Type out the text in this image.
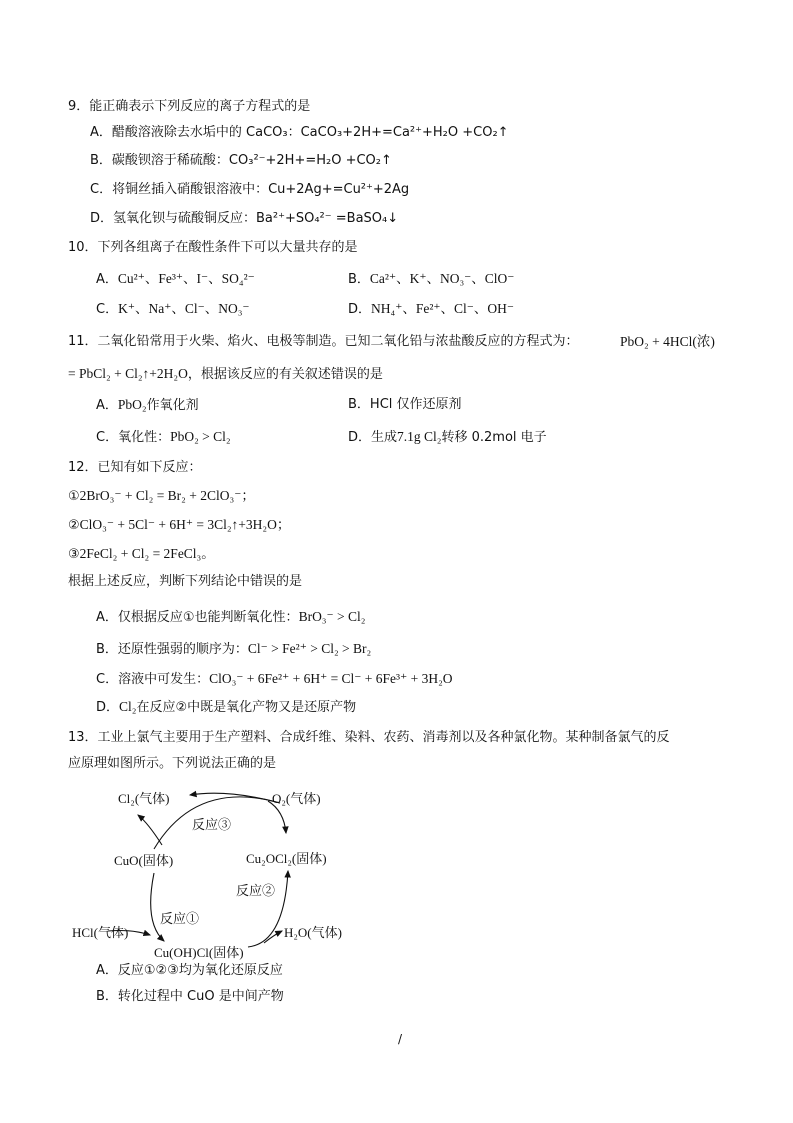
9．能正确表示下列反应的离子方程式的是
A．醋酸溶液除去水垢中的 CaCO₃：CaCO₃+2H+=Ca²⁺+H₂O +CO₂↑
B．碳酸钡溶于稀硫酸：CO₃²⁻+2H+=H₂O +CO₂↑
C．将铜丝插入硝酸银溶液中：Cu+2Ag+=Cu²⁺+2Ag
D．氢氧化钡与硫酸铜反应：Ba²⁺+SO₄²⁻ =BaSO₄↓
10．下列各组离子在酸性条件下可以大量共存的是
A．Cu²⁺、Fe³⁺、I⁻、SO₄²⁻	B．Ca²⁺、K⁺、NO₃⁻、ClO⁻
C．K⁺、Na⁺、Cl⁻、NO₃⁻	D．NH₄⁺、Fe²⁺、Cl⁻、OH⁻
11．二氧化铅常用于火柴、焰火、电极等制造。已知二氧化铅与浓盐酸反应的方程式为：	PbO₂ + 4HCl(浓)
= PbCl₂ + Cl₂↑+2H₂O，根据该反应的有关叙述错误的是
A．PbO₂作氧化剂	B．HCl 仅作还原剂
C．氧化性：PbO₂ > Cl₂	D．生成7.1g Cl₂转移 0.2mol 电子
12．已知有如下反应：
①2BrO₃⁻ + Cl₂ = Br₂ + 2ClO₃⁻；
②ClO₃⁻ + 5Cl⁻ + 6H⁺ = 3Cl₂↑+3H₂O；
③2FeCl₂ + Cl₂ = 2FeCl₃。
根据上述反应，判断下列结论中错误的是
A．仅根据反应①也能判断氧化性：BrO₃⁻ > Cl₂
B．还原性强弱的顺序为：Cl⁻ > Fe²⁺ > Cl₂ > Br₂
C．溶液中可发生：ClO₃⁻ + 6Fe²⁺ + 6H⁺ = Cl⁻ + 6Fe³⁺ + 3H₂O
D．Cl₂在反应②中既是氧化产物又是还原产物
13．工业上氯气主要用于生产塑料、合成纤维、染料、农药、消毒剂以及各种氯化物。某种制备氯气的反
应原理如图所示。下列说法正确的是
Cl₂(气体)	O₂(气体)
反应③
CuO(固体)	Cu₂OCl₂(固体)
反应②
反应①
HCl(气体)	H₂O(气体)
Cu(OH)Cl(固体)
A．反应①②③均为氧化还原反应
B．转化过程中 CuO 是中间产物
/
